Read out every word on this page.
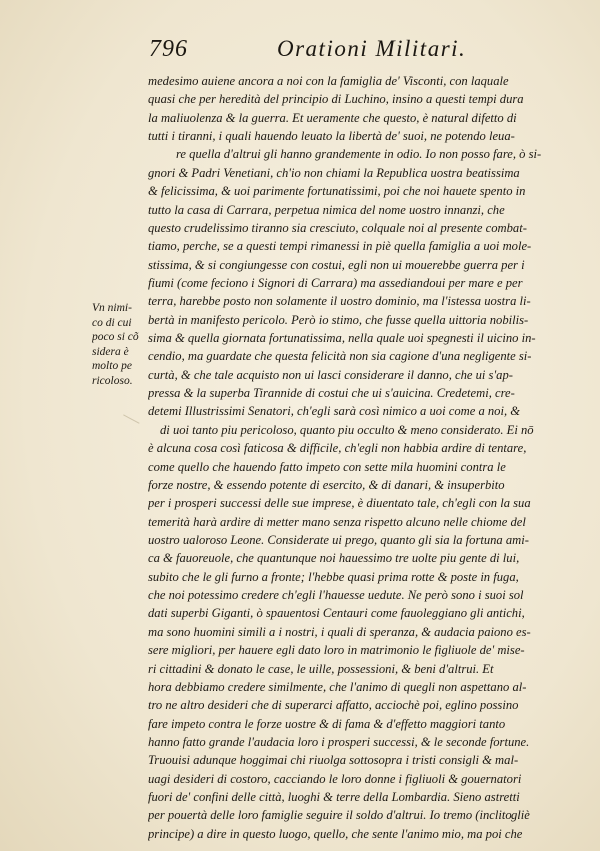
796	Orationi Militari.
Vn nimi-
co di cui
poco si cõ
sidera è
molto pe
ricoloso.
medesimo auiene ancora a noi con la famiglia de' Visconti, con laquale
quasi che per heredità del principio di Luchino, insino a questi tempi dura
la maliuolenza & la guerra. Et ueramente che questo, è natural difetto di
tutti i tiranni, i quali hauendo leuato la libertà de' suoi, ne potendo leua-
re quella d'altrui gli hanno grandemente in odio. Io non posso fare, ò si-
gnori & Padri Venetiani, ch'io non chiami la Republica uostra beatissima
& felicissima, & uoi parimente fortunatissimi, poi che noi hauete spento in
tutto la casa di Carrara, perpetua nimica del nome uostro innanzi, che
questo crudelissimo tiranno sia cresciuto, colquale noi al presente combat-
tiamo, perche, se a questi tempi rimanessi in piè quella famiglia a uoi mole-
stissima, & si congiungesse con costui, egli non ui mouerebbe guerra per i
fiumi (come feciono i Signori di Carrara) ma assediandoui per mare e per
terra, harebbe posto non solamente il uostro dominio, ma l'istessa uostra li-
bertà in manifesto pericolo. Però io stimo, che fusse quella uittoria nobilis-
sima & quella giornata fortunatissima, nella quale uoi spegnesti il uicino in-
cendio, ma guardate che questa felicità non sia cagione d'una negligente si-
curtà, & che tale acquisto non ui lasci considerare il danno, che ui s'ap-
pressa & la superba Tirannide di costui che ui s'auicina. Credetemi, cre-
detemi Illustrissimi Senatori, ch'egli sarà così nimico a uoi come a noi, &
di uoi tanto piu pericoloso, quanto piu occulto & meno considerato. Ei nō
è alcuna cosa così faticosa & difficile, ch'egli non habbia ardire di tentare,
come quello che hauendo fatto impeto con sette mila huomini contra le
forze nostre, & essendo potente di esercito, & di danari, & insuperbito
per i prosperi successi delle sue imprese, è diuentato tale, ch'egli con la sua
temerità harà ardire di metter mano senza rispetto alcuno nelle chiome del
uostro ualoroso Leone. Considerate ui prego, quanto gli sia la fortuna ami-
ca & fauoreuole, che quantunque noi hauessimo tre uolte piu gente di lui,
subito che le gli furno a fronte; l'hebbe quasi prima rotte & poste in fuga,
che noi potessimo credere ch'egli l'hauesse uedute. Ne però sono i suoi sol
dati superbi Giganti, ò spauentosi Centauri come fauoleggiano gli antichi,
ma sono huomini simili a i nostri, i quali di speranza, & audacia paiono es-
sere migliori, per hauere egli dato loro in matrimonio le figliuole de' mise-
ri cittadini & donato le case, le uille, possessioni, & beni d'altrui. Et
hora debbiamo credere similmente, che l'animo di quegli non aspettano al-
tro ne altro desideri che di superarci affatto, acciochè poi, eglino possino
fare impeto contra le forze uostre & di fama & d'effetto maggiori tanto
hanno fatto grande l'audacia loro i prosperi successi, & le seconde fortune.
Truouisi adunque hoggimai chi riuolga sottosopra i tristi consigli & mal-
uagi desideri di costoro, cacciando le loro donne i figliuoli & gouernatori
fuori de' confini delle città, luoghi & terre della Lombardia. Sieno astretti
per pouertà delle loro famiglie seguire il soldo d'altrui. Io tremo (inclito
principe) a dire in questo luogo, quello, che sente l'animo mio, ma poi che
gliè
